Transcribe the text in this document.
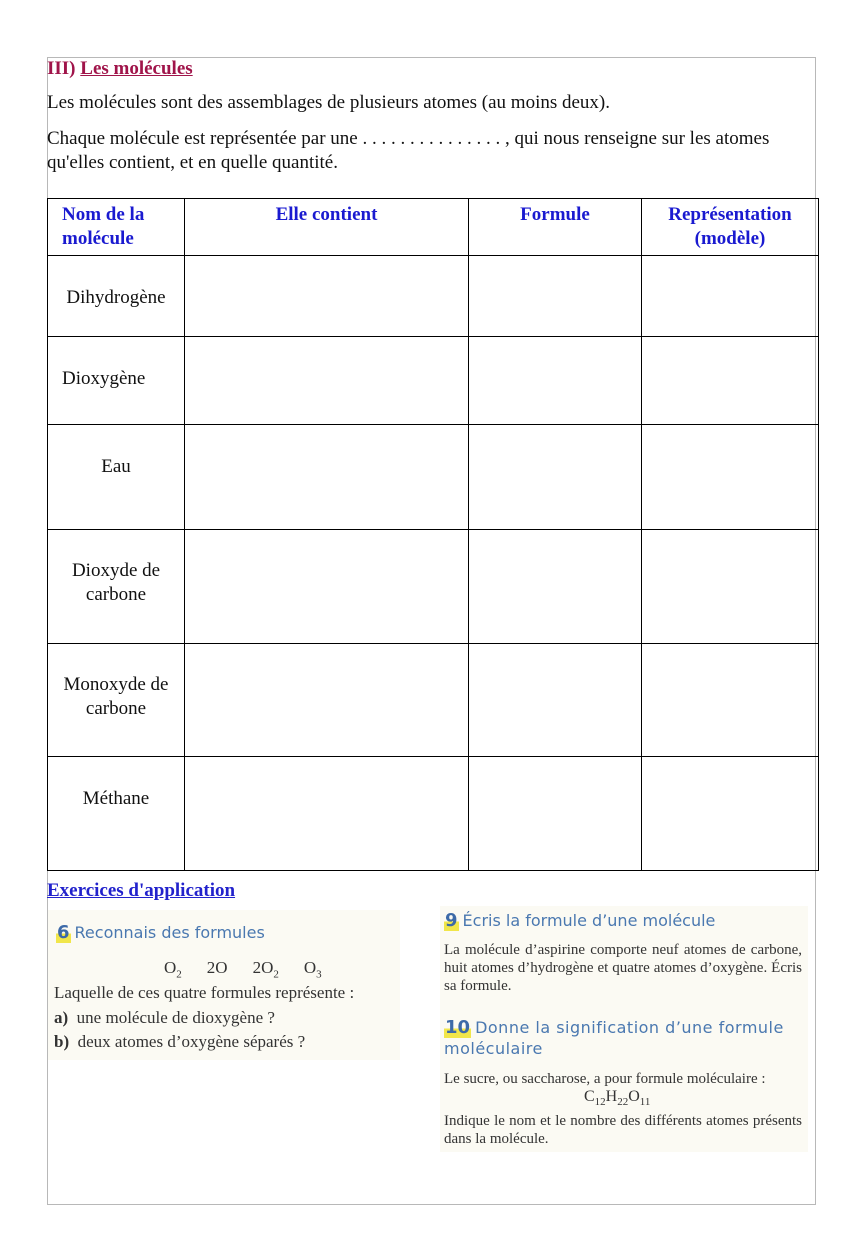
III) Les molécules
Les molécules sont des assemblages de plusieurs atomes (au moins deux).
Chaque molécule est représentée par une . . . . . . . . . . . . . . . , qui nous renseigne sur les atomes qu'elles contient, et en quelle quantité.
Nom de la molécule	Elle contient	Formule	Représentation (modèle)
Dihydrogène			
Dioxygène			
Eau			
Dioxyde de carbone			
Monoxyde de carbone			
Méthane			
Exercices d'application
6 Reconnais des formules
$O_2$ 2O $2O_2$ $O_3$
Laquelle de ces quatre formules représente :
a) une molécule de dioxygène ?
b) deux atomes d’oxygène séparés ?
9 Écris la formule d’une molécule
La molécule d’aspirine comporte neuf atomes de carbone, huit atomes d’hydrogène et quatre atomes d’oxygène. Écris sa formule.
10 Donne la signification d’une formule moléculaire
Le sucre, ou saccharose, a pour formule moléculaire :
$C_{12}H_{22}O_{11}$
Indique le nom et le nombre des différents atomes présents dans la molécule.
